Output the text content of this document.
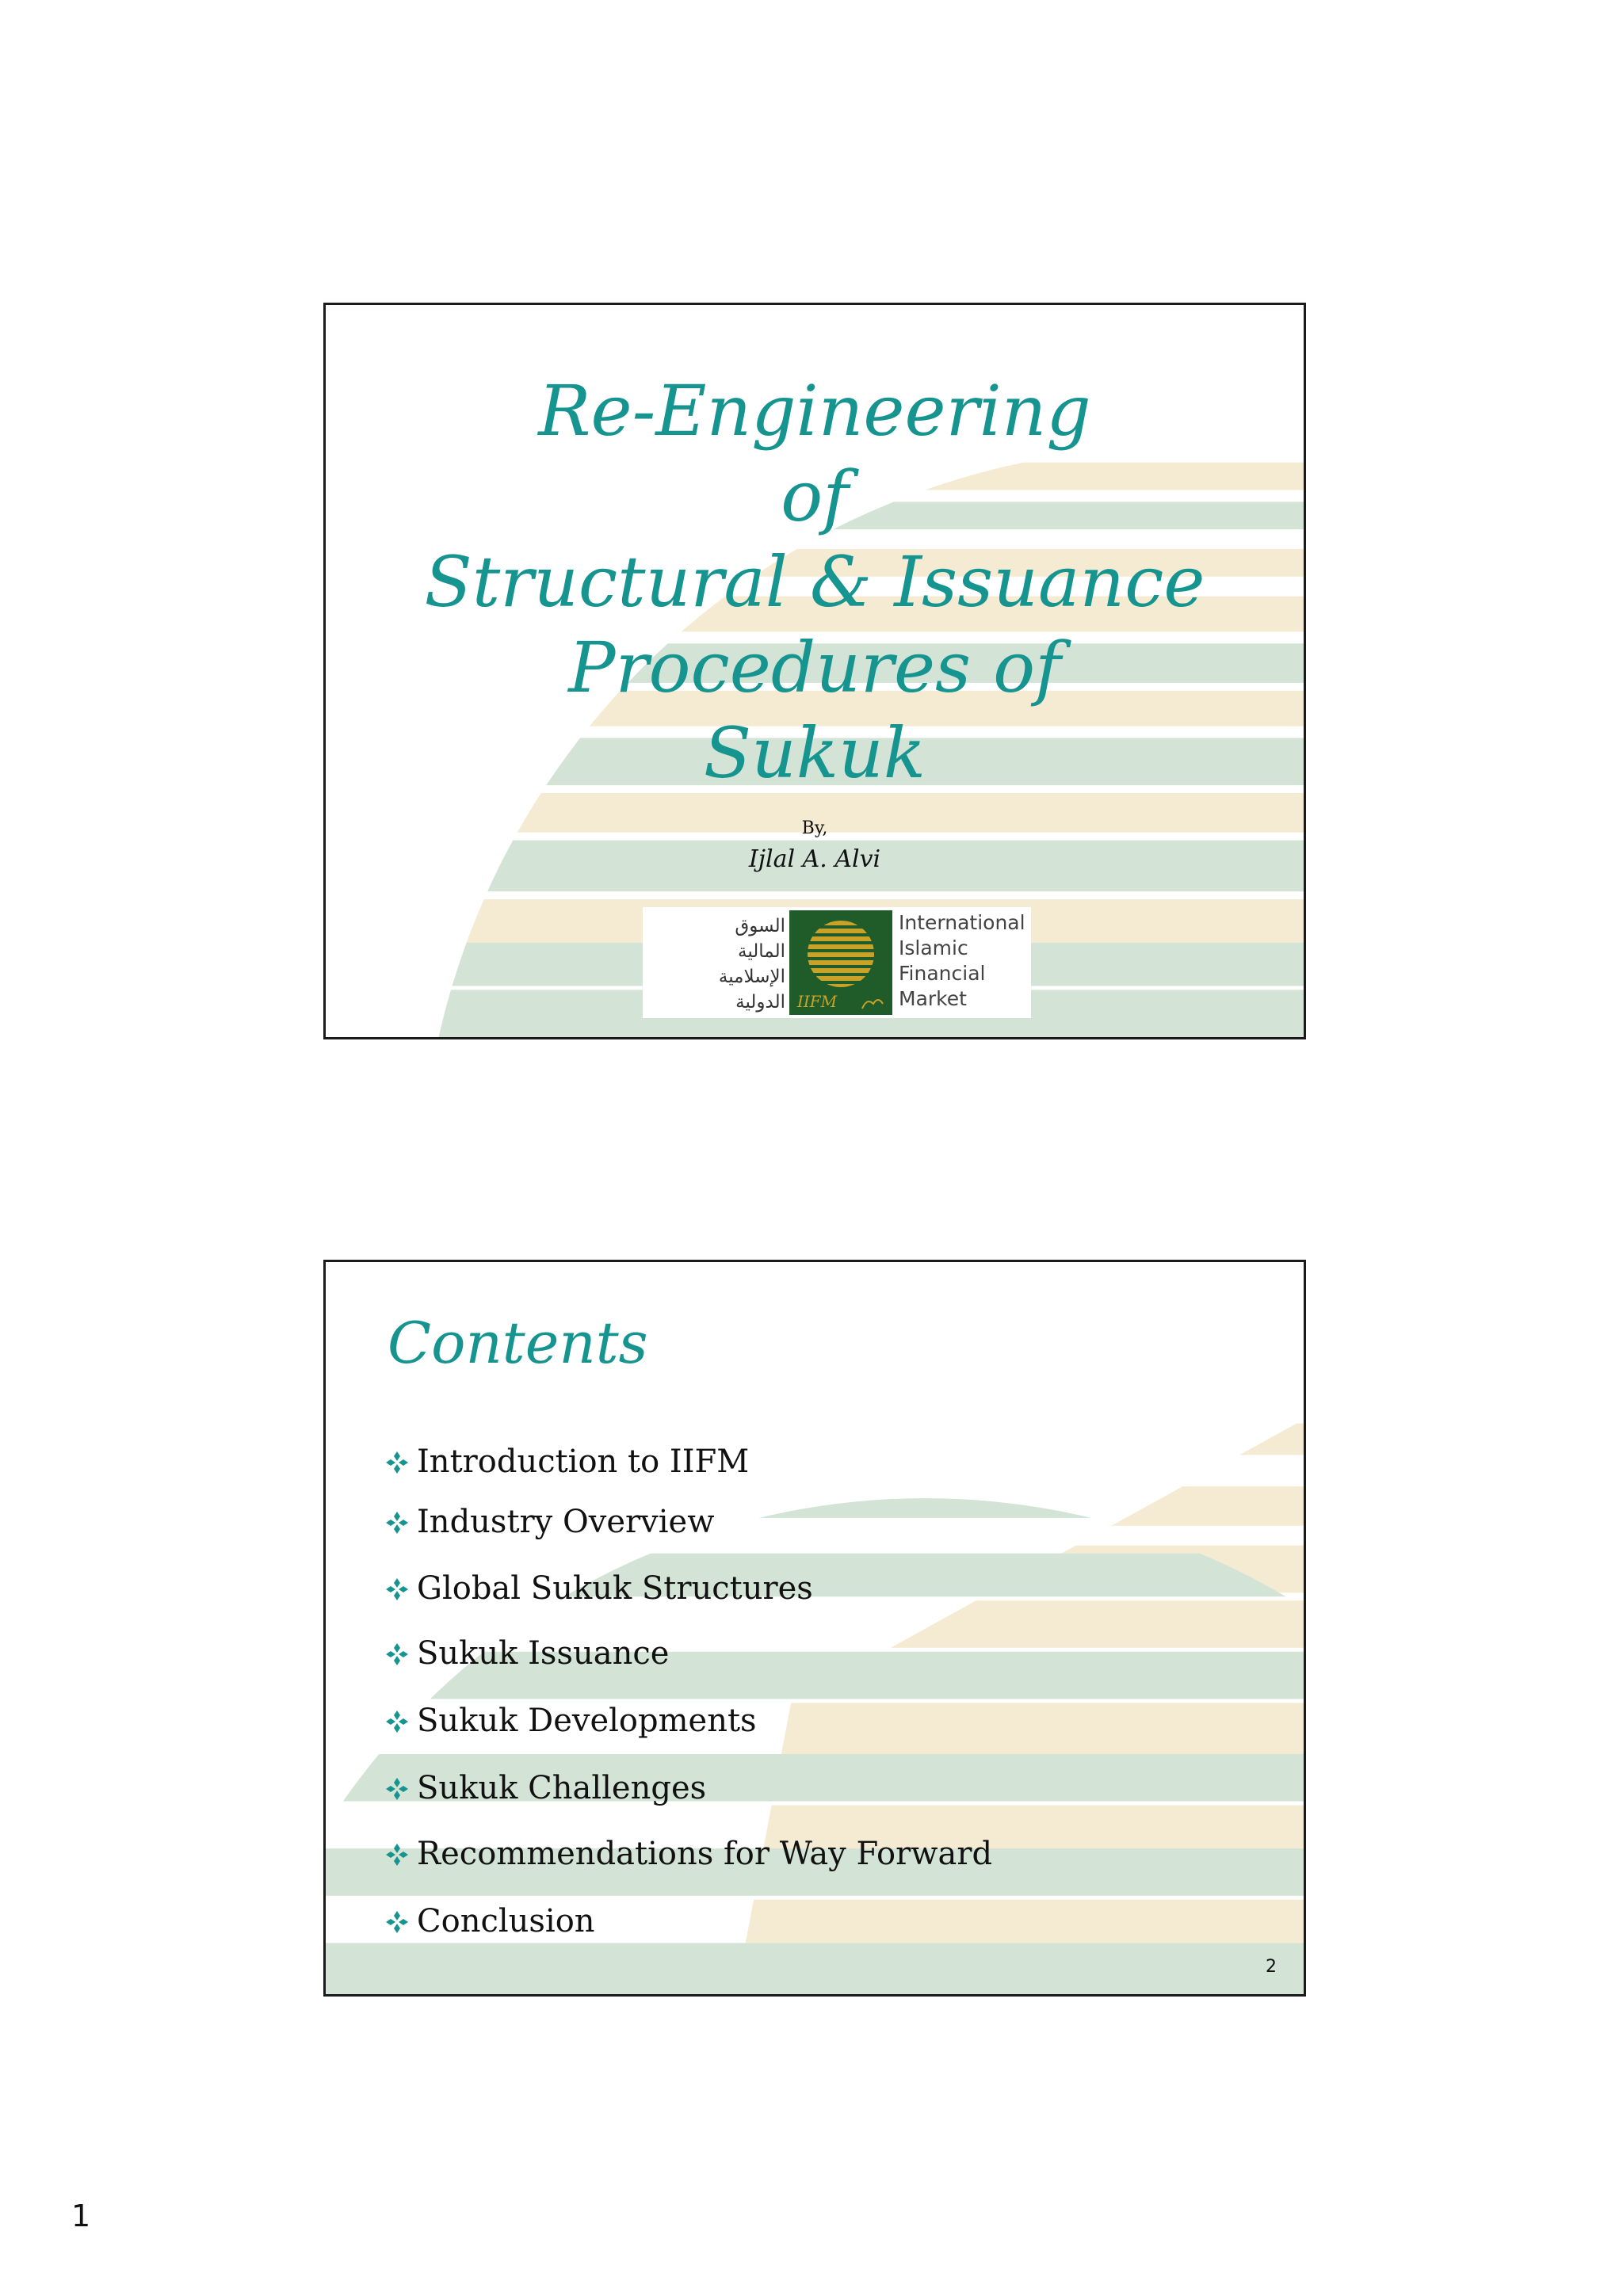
Re-Engineering
of
Structural & Issuance
Procedures of
Sukuk
By,
Ijlal A. Alvi
السوق
المالية
الإسلامية
الدولية IIFM
International
Islamic
Financial
Market
Contents
Introduction to IIFM
Industry Overview
Global Sukuk Structures
Sukuk Issuance
Sukuk Developments
Sukuk Challenges
Recommendations for Way Forward
Conclusion
2
1
